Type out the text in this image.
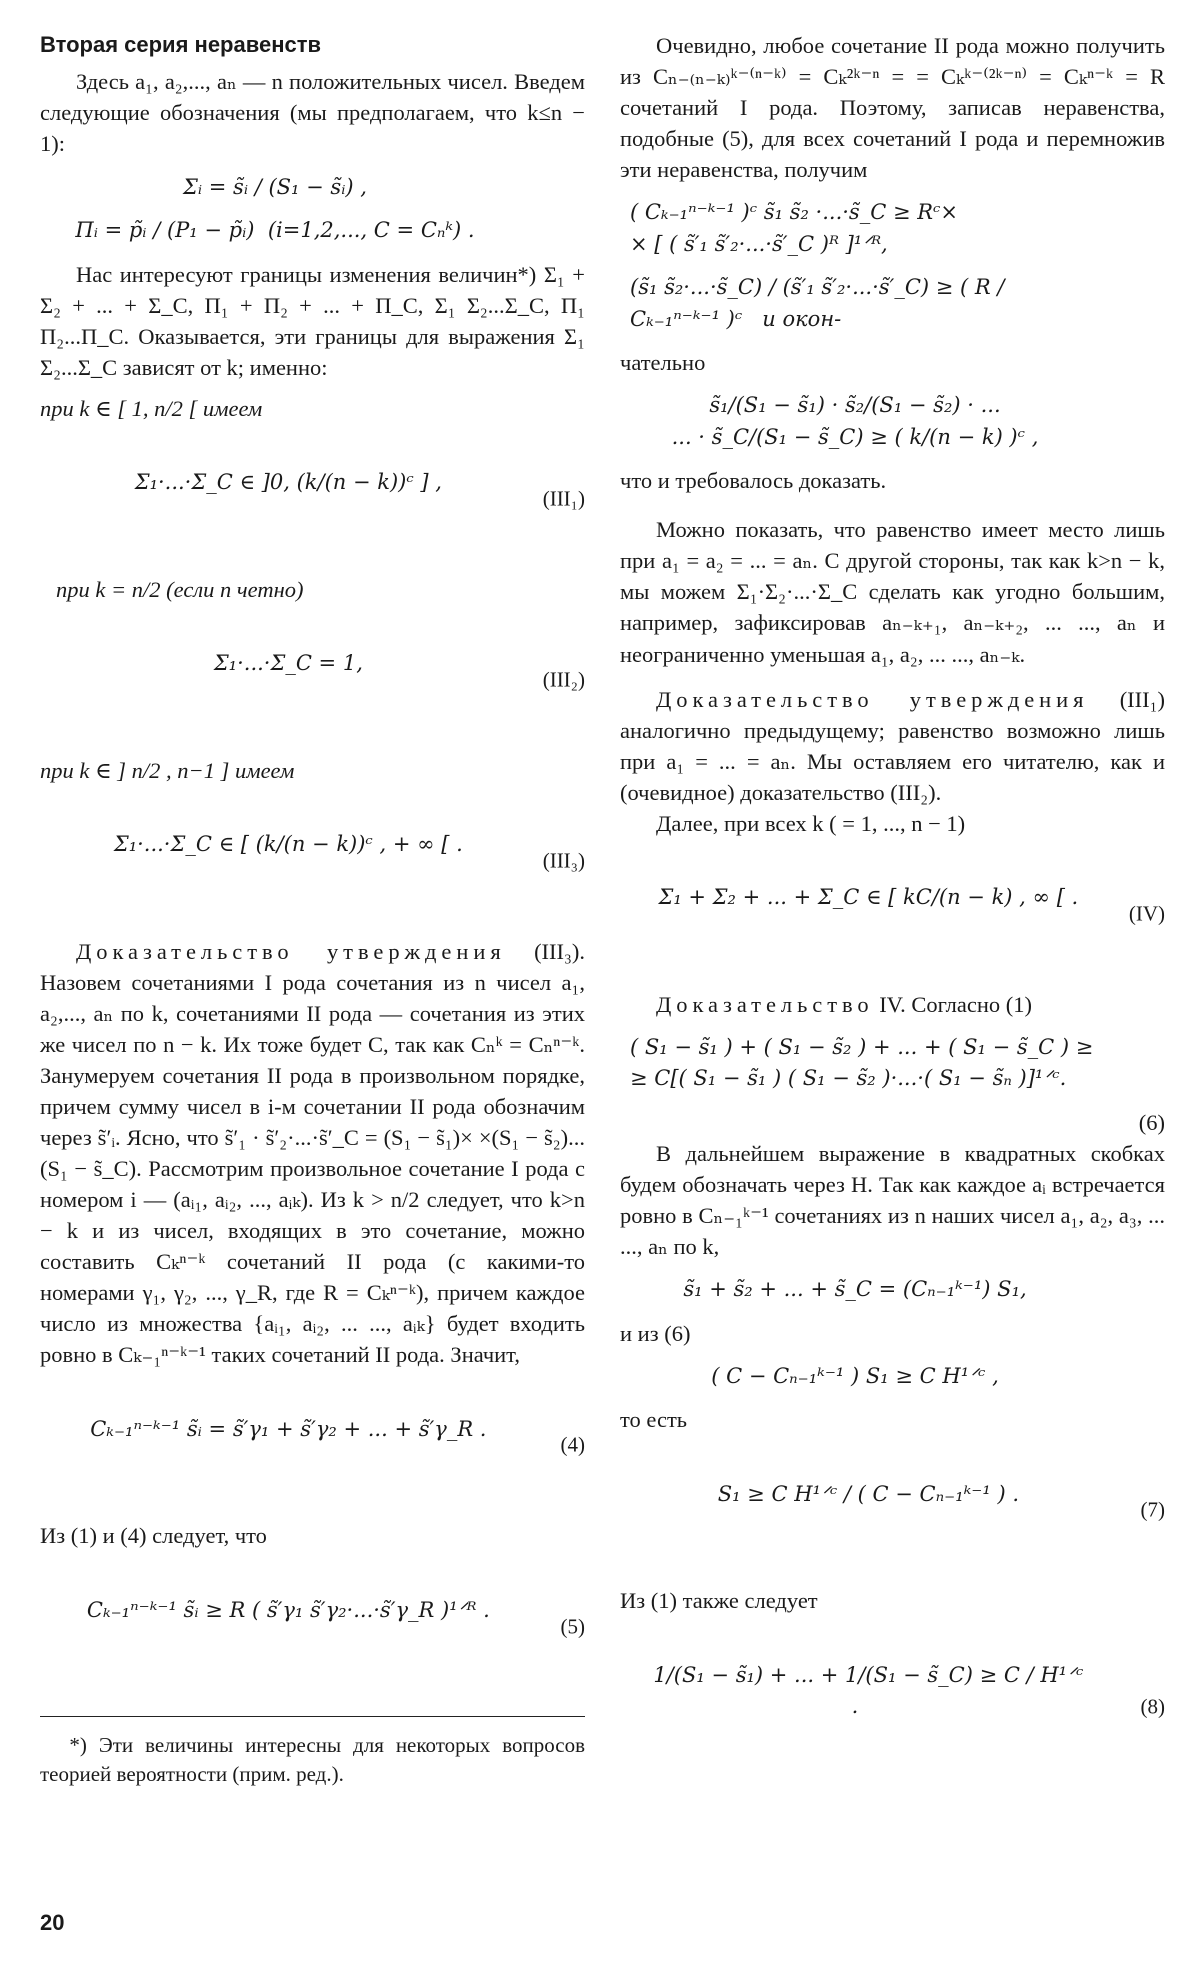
Вторая серия неравенств

Здесь a₁, a₂,..., aₙ — n положительных чисел. Введем следующие обозначения (мы предполагаем, что k≤n − 1):

Σᵢ = s̃ᵢ / (S₁ − s̃ᵢ) ,
Πᵢ = p̃ᵢ / (P₁ − p̃ᵢ)  (i=1,2,..., C = Cₙᵏ) .

Нас интересуют границы изменения величин*) Σ₁ + Σ₂ + ... + Σ_C, Π₁ + Π₂ + ... + Π_C, Σ₁ Σ₂...Σ_C, Π₁ Π₂...Π_C. Оказывается, эти границы для выражения Σ₁ Σ₂...Σ_C зависят от k; именно:

при k ∈ [ 1, n/2 [ имеем

Σ₁·...·Σ_C ∈ ]0, (k/(n − k))ᶜ ] ,

(III₁)

при k = n/2 (если n четно)

Σ₁·...·Σ_C = 1,

(III₂)

при k ∈ ] n/2 , n−1 ] имеем

Σ₁·...·Σ_C ∈ [ (k/(n − k))ᶜ , + ∞ [ .

(III₃)

Доказательство утверждения (III₃). Назовем сочетаниями I рода сочетания из n чисел a₁, a₂,..., aₙ по k, сочетаниями II рода — сочетания из этих же чисел по n − k. Их тоже будет C, так как Cₙᵏ = Cₙⁿ⁻ᵏ. Занумеруем сочетания II рода в произвольном порядке, причем сумму чисел в i-м сочетании II рода обозначим через s̃′ᵢ. Ясно, что s̃′₁ · s̃′₂·...·s̃′_C = (S₁ − s̃₁)× ×(S₁ − s̃₂)...(S₁ − s̃_C). Рассмотрим произвольное сочетание I рода с номером i — (aᵢ₁, aᵢ₂, ..., aᵢₖ). Из k > n/2 следует, что k>n − k и из чисел, входящих в это сочетание, можно составить Cₖⁿ⁻ᵏ сочетаний II рода (с какими-то номерами γ₁, γ₂, ..., γ_R, где R = Cₖⁿ⁻ᵏ), причем каждое число из множества {aᵢ₁, aᵢ₂, ... ..., aᵢₖ} будет входить ровно в Cₖ₋₁ⁿ⁻ᵏ⁻¹ таких сочетаний II рода. Значит,

Cₖ₋₁ⁿ⁻ᵏ⁻¹ s̃ᵢ = s̃′γ₁ + s̃′γ₂ + ... + s̃′γ_R .

(4)

Из (1) и (4) следует, что

Cₖ₋₁ⁿ⁻ᵏ⁻¹ s̃ᵢ ≥ R ( s̃′γ₁ s̃′γ₂·...·s̃′γ_R )¹ᐟᴿ .

(5)

*) Эти величины интересны для некоторых вопросов теорией вероятности (прим. ред.).

Очевидно, любое сочетание II рода можно получить из Cₙ₋₍ₙ₋ₖ₎ᵏ⁻⁽ⁿ⁻ᵏ⁾ = Cₖ²ᵏ⁻ⁿ = = Cₖᵏ⁻⁽²ᵏ⁻ⁿ⁾ = Cₖⁿ⁻ᵏ = R сочетаний I рода. Поэтому, записав неравенства, подобные (5), для всех сочетаний I рода и перемножив эти неравенства, получим

( Cₖ₋₁ⁿ⁻ᵏ⁻¹ )ᶜ s̃₁ s̃₂ ·...·s̃_C ≥ Rᶜ×
× [ ( s̃′₁ s̃′₂·...·s̃′_C )ᴿ ]¹ᐟᴿ,
(s̃₁ s̃₂·...·s̃_C) / (s̃′₁ s̃′₂·...·s̃′_C) ≥ ( R / Cₖ₋₁ⁿ⁻ᵏ⁻¹ )ᶜ   и окон-

чательно

s̃₁/(S₁ − s̃₁) · s̃₂/(S₁ − s̃₂) · ...
... · s̃_C/(S₁ − s̃_C) ≥ ( k/(n − k) )ᶜ ,

что и требовалось доказать.

Можно показать, что равенство имеет место лишь при a₁ = a₂ = ... = aₙ. С другой стороны, так как k>n − k, мы можем Σ₁·Σ₂·...·Σ_C сделать как угодно большим, например, зафиксировав aₙ₋ₖ₊₁, aₙ₋ₖ₊₂, ... ..., aₙ и неограниченно уменьшая a₁, a₂, ... ..., aₙ₋ₖ.

Доказательство утверждения (III₁) аналогично предыдущему; равенство возможно лишь при a₁ = ... = aₙ. Мы оставляем его читателю, как и (очевидное) доказательство (III₂).

Далее, при всех k ( = 1, ..., n − 1)

Σ₁ + Σ₂ + ... + Σ_C ∈ [ kC/(n − k) , ∞ [ .

(IV)

Доказательство IV. Согласно (1)

( S₁ − s̃₁ ) + ( S₁ − s̃₂ ) + ... + ( S₁ − s̃_C ) ≥
≥ C[( S₁ − s̃₁ ) ( S₁ − s̃₂ )·...·( S₁ − s̃ₙ )]¹ᐟᶜ.

(6)

В дальнейшем выражение в квадратных скобках будем обозначать через H. Так как каждое aᵢ встречается ровно в Cₙ₋₁ᵏ⁻¹ сочетаниях из n наших чисел a₁, a₂, a₃, ... ..., aₙ по k,

s̃₁ + s̃₂ + ... + s̃_C = (Cₙ₋₁ᵏ⁻¹) S₁,

и из (6)

( C − Cₙ₋₁ᵏ⁻¹ ) S₁ ≥ C H¹ᐟᶜ ,

то есть

S₁ ≥ C H¹ᐟᶜ / ( C − Cₙ₋₁ᵏ⁻¹ ) .

(7)

Из (1) также следует

1/(S₁ − s̃₁) + ... + 1/(S₁ − s̃_C) ≥ C / H¹ᐟᶜ .
	(8)

20
